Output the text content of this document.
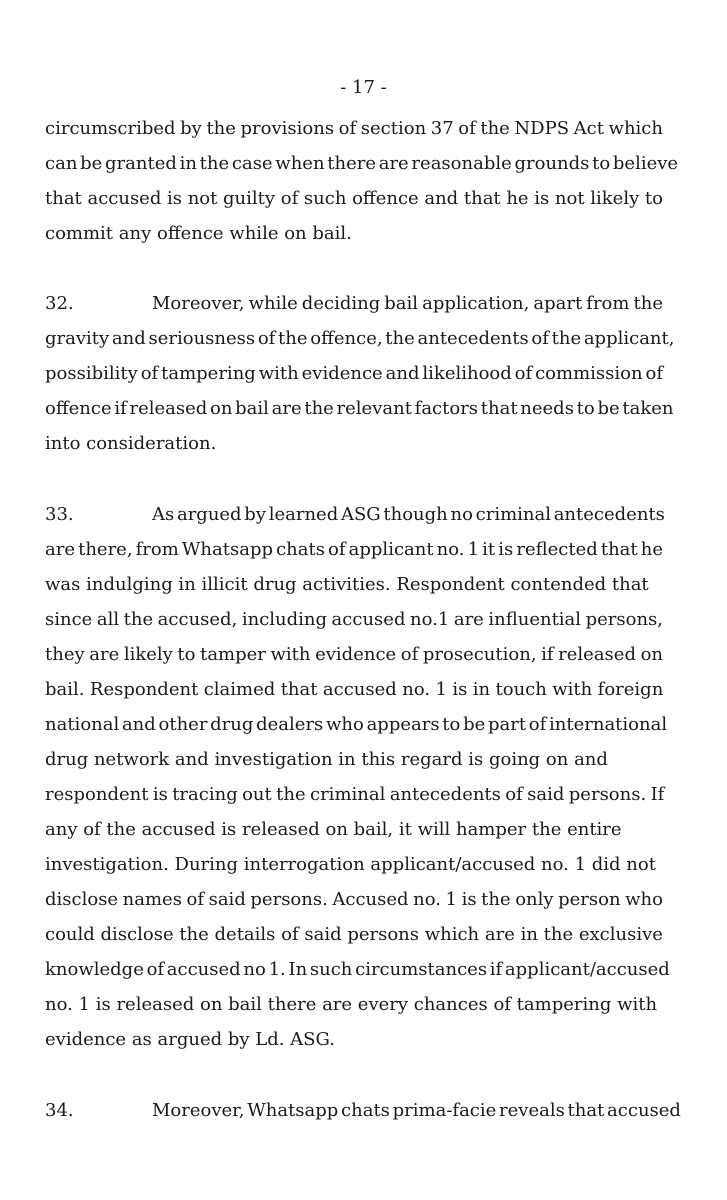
- 17 -
circumscribed by the provisions of section 37 of the NDPS Act which
can be granted in the case when there are reasonable grounds to believe
that accused is not guilty of such offence and that he is not likely to
commit any offence while on bail.
32.	Moreover, while deciding bail application, apart from the
gravity and seriousness of the offence, the antecedents of the applicant,
possibility of tampering with evidence and likelihood of commission of
offence if released on bail are the relevant factors that needs to be taken
into consideration.
33.	As argued by learned ASG though no criminal antecedents
are there, from Whatsapp chats of applicant no. 1 it is reflected that he
was indulging in illicit drug activities. Respondent contended that
since all the accused, including accused no.1 are influential persons,
they are likely to tamper with evidence of prosecution, if released on
bail. Respondent claimed that accused no. 1 is in touch with foreign
national and other drug dealers who appears to be part of international
drug network and investigation in this regard is going on and
respondent is tracing out the criminal antecedents of said persons. If
any of the accused is released on bail, it will hamper the entire
investigation. During interrogation applicant/accused no. 1 did not
disclose names of said persons. Accused no. 1 is the only person who
could disclose the details of said persons which are in the exclusive
knowledge of accused no 1. In such circumstances if applicant/accused
no. 1 is released on bail there are every chances of tampering with
evidence as argued by Ld. ASG.
34.	Moreover, Whatsapp chats prima-facie reveals that accused
